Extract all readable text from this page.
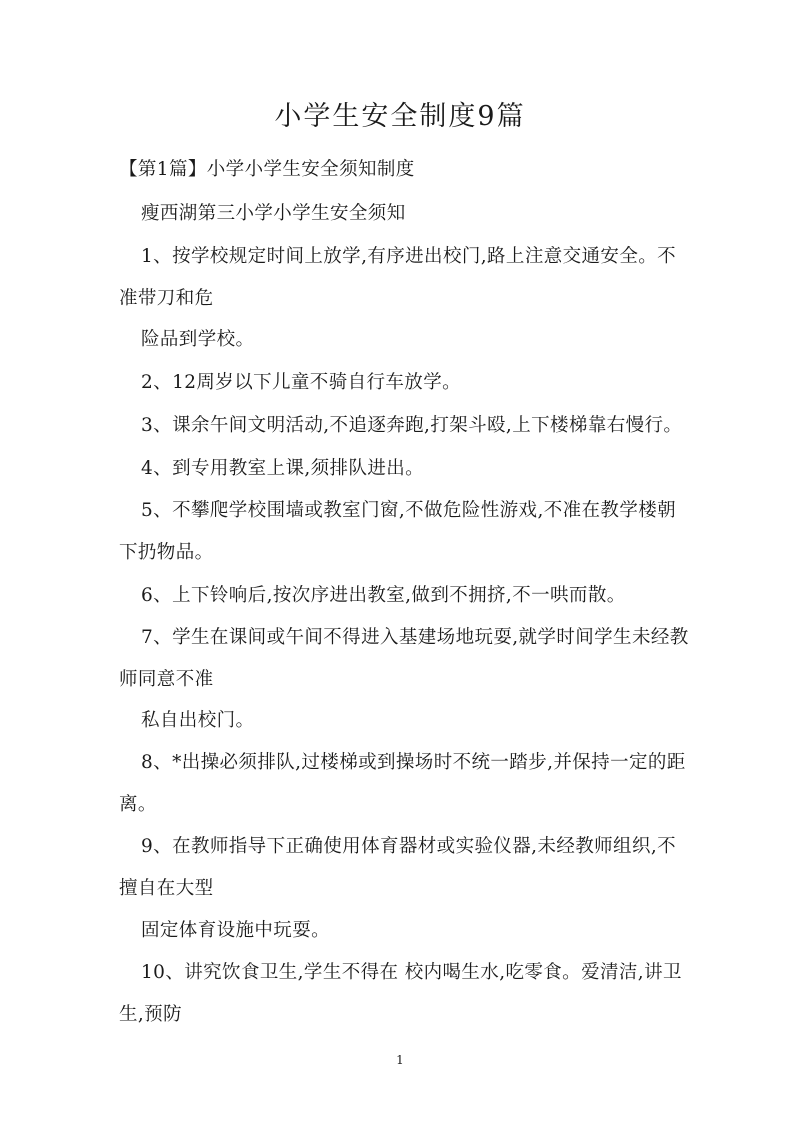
小学生安全制度9篇
【第1篇】小学小学生安全须知制度
瘦西湖第三小学小学生安全须知
1、按学校规定时间上放学,有序进出校门,路上注意交通安全。不
准带刀和危
险品到学校。
2、12周岁以下儿童不骑自行车放学。
3、课余午间文明活动,不追逐奔跑,打架斗殴,上下楼梯靠右慢行。
4、到专用教室上课,须排队进出。
5、不攀爬学校围墙或教室门窗,不做危险性游戏,不准在教学楼朝
下扔物品。
6、上下铃响后,按次序进出教室,做到不拥挤,不一哄而散。
7、学生在课间或午间不得进入基建场地玩耍,就学时间学生未经教
师同意不准
私自出校门。
8、*出操必须排队,过楼梯或到操场时不统一踏步,并保持一定的距
离。
9、在教师指导下正确使用体育器材或实验仪器,未经教师组织,不
擅自在大型
固定体育设施中玩耍。
10、讲究饮食卫生,学生不得在 校内喝生水,吃零食。爱清洁,讲卫
生,预防
1
